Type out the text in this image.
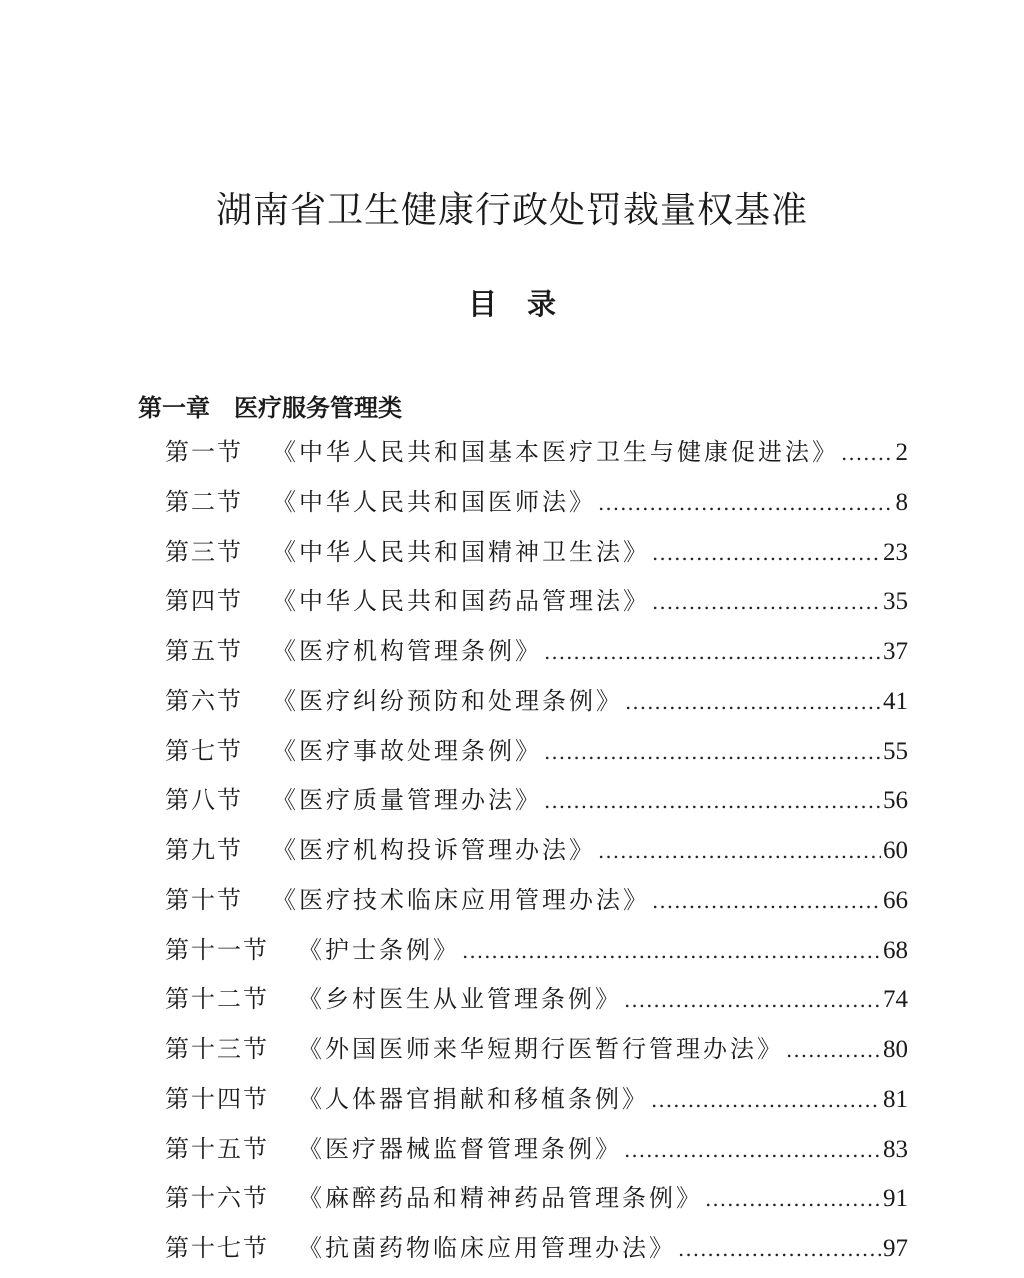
湖南省卫生健康行政处罚裁量权基准
目 录
第一章 医疗服务管理类
第一节	《中华人民共和国基本医疗卫生与健康促进法》 ..... 2
第二节	《中华人民共和国医师法》 .....	8
第三节	《中华人民共和国精神卫生法》 .....	23
第四节	《中华人民共和国药品管理法》 .....	35
第五节	《医疗机构管理条例》 .....	37
第六节	《医疗纠纷预防和处理条例》 .....	41
第七节	《医疗事故处理条例》 .....	55
第八节	《医疗质量管理办法》 .....	56
第九节	《医疗机构投诉管理办法》 .....	60
第十节	《医疗技术临床应用管理办法》 .....	66
第十一节	《护士条例》 .....	68
第十二节	《乡村医生从业管理条例》 .....	74
第十三节	《外国医师来华短期行医暂行管理办法》 .....	80
第十四节	《人体器官捐献和移植条例》 .....	81
第十五节	《医疗器械监督管理条例》 .....	83
第十六节	《麻醉药品和精神药品管理条例》 .....	91
第十七节	《抗菌药物临床应用管理办法》 .....	97
